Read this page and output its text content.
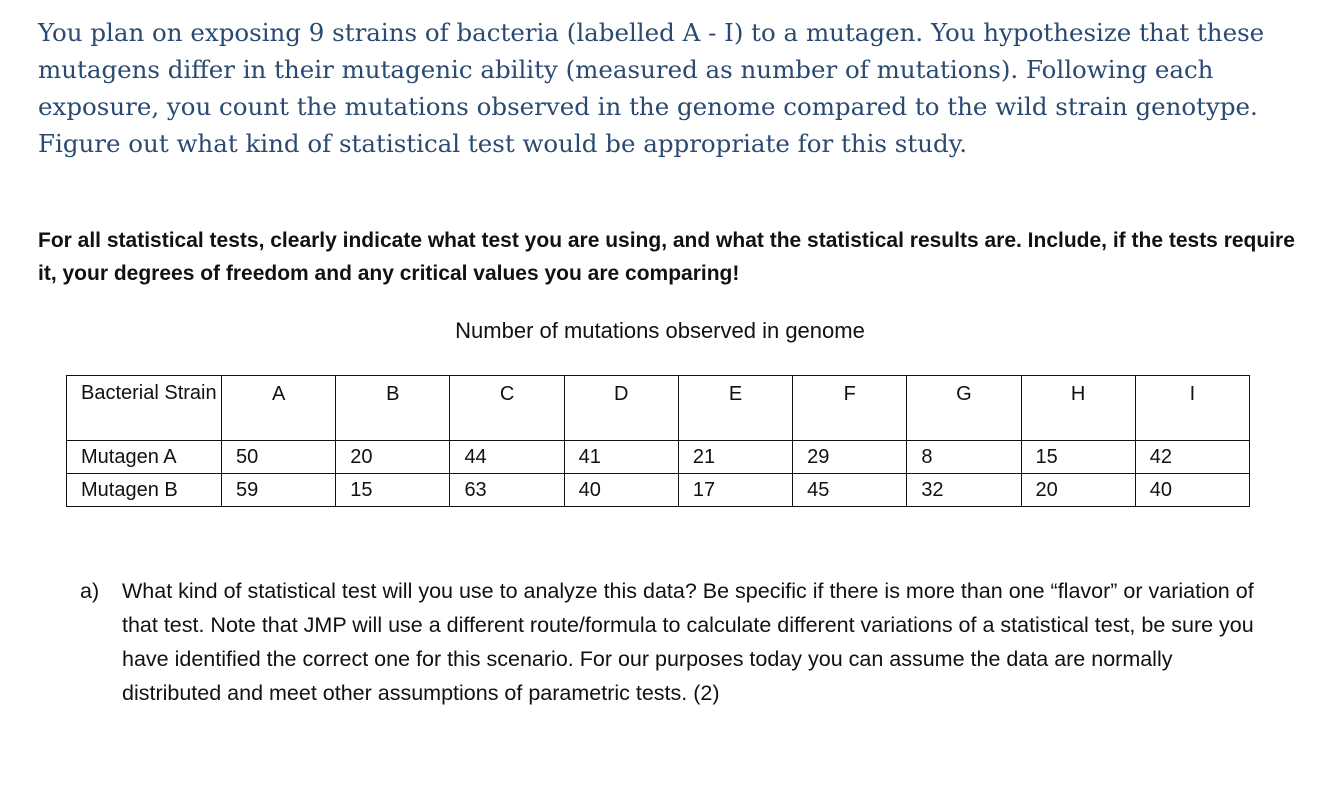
You plan on exposing 9 strains of bacteria (labelled A - I) to a mutagen. You hypothesize that these mutagens differ in their mutagenic ability (measured as number of mutations). Following each exposure, you count the mutations observed in the genome compared to the wild strain genotype. Figure out what kind of statistical test would be appropriate for this study.

For all statistical tests, clearly indicate what test you are using, and what the statistical results are. Include, if the tests require it, your degrees of freedom and any critical values you are comparing!

Number of mutations observed in genome

Bacterial Strain	A	B	C	D	E	F	G	H	I
Mutagen A	50	20	44	41	21	29	8	15	42
Mutagen B	59	15	63	40	17	45	32	20	40
a)	What kind of statistical test will you use to analyze this data? Be specific if there is more than one “flavor” or variation of that test. Note that JMP will use a different route/formula to calculate different variations of a statistical test, be sure you have identified the correct one for this scenario. For our purposes today you can assume the data are normally distributed and meet other assumptions of parametric tests. (2)
